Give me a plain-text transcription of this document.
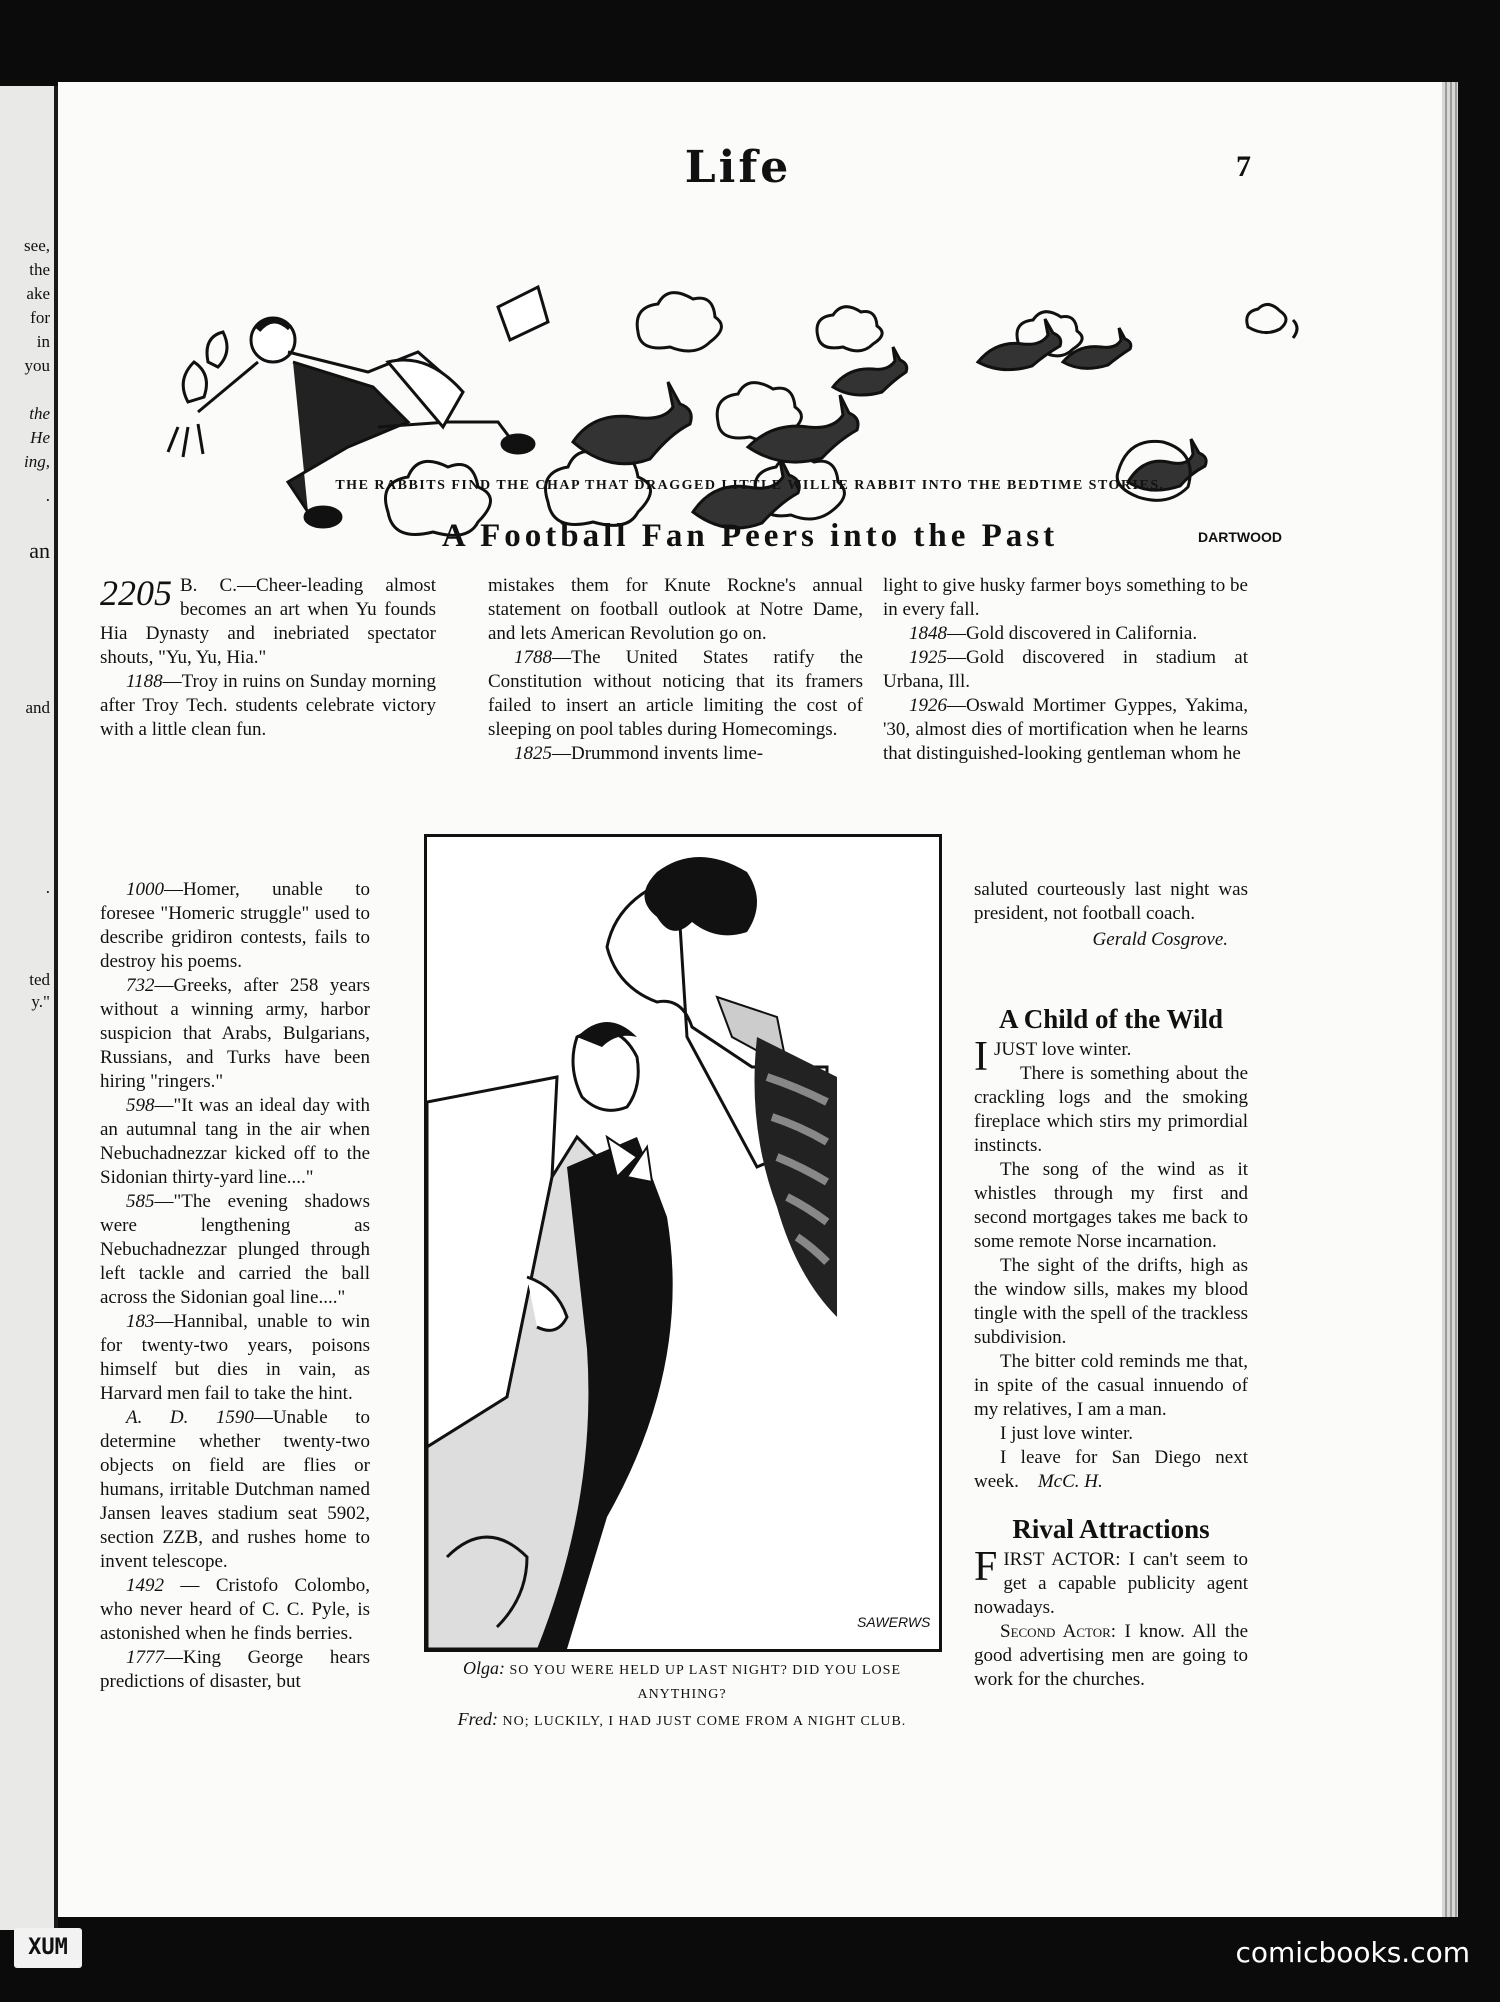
see,
the
ake
for
in
you
the
He
ing,
.
an
and
.
ted
y."
Life	7
DARTWOOD
THE RABBITS FIND THE CHAP THAT DRAGGED LITTLE WILLIE RABBIT INTO THE BEDTIME STORIES.
A Football Fan Peers into the Past

2205 B. C.—Cheer-leading almost becomes an art when Yu founds Hia Dynasty and inebriated spectator shouts, "Yu, Yu, Hia."

1188—Troy in ruins on Sunday morning after Troy Tech. students celebrate victory with a little clean fun.

1000—Homer, unable to foresee "Homeric struggle" used to describe gridiron contests, fails to destroy his poems.

732—Greeks, after 258 years without a winning army, harbor suspicion that Arabs, Bulgarians, Russians, and Turks have been hiring "ringers."

598—"It was an ideal day with an autumnal tang in the air when Nebuchadnezzar kicked off to the Sidonian thirty-yard line...."

585—"The evening shadows were lengthening as Nebuchadnezzar plunged through left tackle and carried the ball across the Sidonian goal line...."

183—Hannibal, unable to win for twenty-two years, poisons himself but dies in vain, as Harvard men fail to take the hint.

A. D. 1590—Unable to determine whether twenty-two objects on field are flies or humans, irritable Dutchman named Jansen leaves stadium seat 5902, section ZZB, and rushes home to invent telescope.

1492 — Cristofo Colombo, who never heard of C. C. Pyle, is astonished when he finds berries.

1777—King George hears predictions of disaster, but

mistakes them for Knute Rockne's annual statement on football outlook at Notre Dame, and lets American Revolution go on.

1788—The United States ratify the Constitution without noticing that its framers failed to insert an article limiting the cost of sleeping on pool tables during Homecomings.

1825—Drummond invents lime-

light to give husky farmer boys something to be in every fall.

1848—Gold discovered in California.

1925—Gold discovered in stadium at Urbana, Ill.

1926—Oswald Mortimer Gyppes, Yakima, '30, almost dies of mortification when he learns that distinguished-looking gentleman whom he

saluted courteously last night was president, not football coach.

Gerald Cosgrove.
A Child of the Wild

IJUST love winter.

There is something about the crackling logs and the smoking fireplace which stirs my primordial instincts.

The song of the wind as it whistles through my first and second mortgages takes me back to some remote Norse incarnation.

The sight of the drifts, high as the window sills, makes my blood tingle with the spell of the trackless subdivision.

The bitter cold reminds me that, in spite of the casual innuendo of my relatives, I am a man.

I just love winter.

I leave for San Diego next week. McC. H.

Rival Attractions

FIRST ACTOR: I can't seem to get a capable publicity agent nowadays.

Second Actor: I know. All the good advertising men are going to work for the churches.

SAWERWS
Olga: SO YOU WERE HELD UP LAST NIGHT? DID YOU LOSE ANYTHING?
Fred: NO; LUCKILY, I HAD JUST COME FROM A NIGHT CLUB.
XUM	comicbooks.com
